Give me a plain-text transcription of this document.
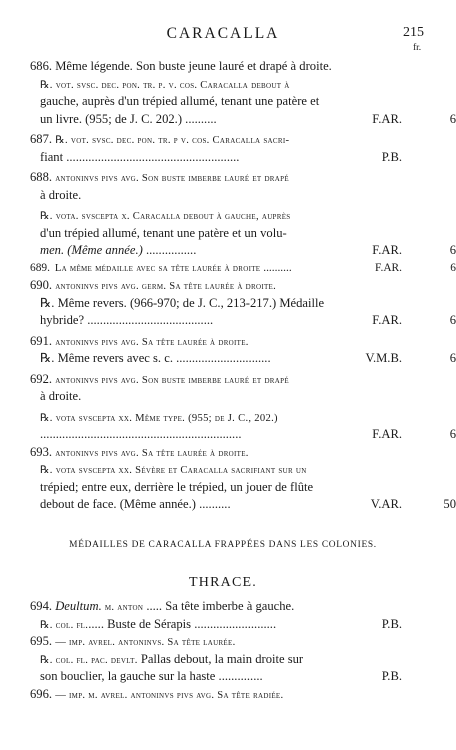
CARACALLA	215
fr.
686. Même légende. Son buste jeune lauré et drapé à droite.
℞. vot. svsc. dec. pon. tr. p. v. cos. Caracalla debout à
gauche, auprès d'un trépied allumé, tenant une patère et
un livre. (955; de J. C. 202.) ..........	F.AR.	6
687. ℞. vot. svsc. dec. pon. tr. p v. cos. Caracalla sacri-
fiant .......................................................	P.B.
688. antoninvs pivs avg. Son buste imberbe lauré et drapé
à droite.
℞. vota. svscepta x. Caracalla debout à gauche, auprès
d'un trépied allumé, tenant une patère et un volu-
men. (Même année.) ................	F.AR.	6
689. La même médaille avec sa tête laurée à droite ..........	F.AR.	6
690. antoninvs pivs avg. germ. Sa tête laurée à droite.
℞. Même revers. (966-970; de J. C., 213-217.) Médaille
hybride? ........................................	F.AR.	6
691. antoninvs pivs avg. Sa tête laurée à droite.
℞. Même revers avec s. c. ..............................	V.M.B.	6
692. antoninvs pivs avg. Son buste imberbe lauré et drapé
à droite.
℞. vota svscepta xx. Même type. (955; de J. C., 202.)
................................................................	F.AR.	6
693. antoninvs pivs avg. Sa tête laurée à droite.
℞. vota svscepta xx. Sévère et Caracalla sacrifiant sur un
trépied; entre eux, derrière le trépied, un jouer de flûte
debout de face. (Même année.) ..........	V.AR.	50
MÉDAILLES DE CARACALLA FRAPPÉES DANS LES COLONIES.
THRACE.
694. Deultum. m. anton ..... Sa tête imberbe à gauche.
℞. col. fl...... Buste de Sérapis ..........................	P.B.
695. — imp. avrel. antoninvs. Sa tête laurée.
℞. col. fl. pac. devlt. Pallas debout, la main droite sur
son bouclier, la gauche sur la haste ..............	P.B.
696. — imp. m. avrel. antoninvs pivs avg. Sa tête radiée.
